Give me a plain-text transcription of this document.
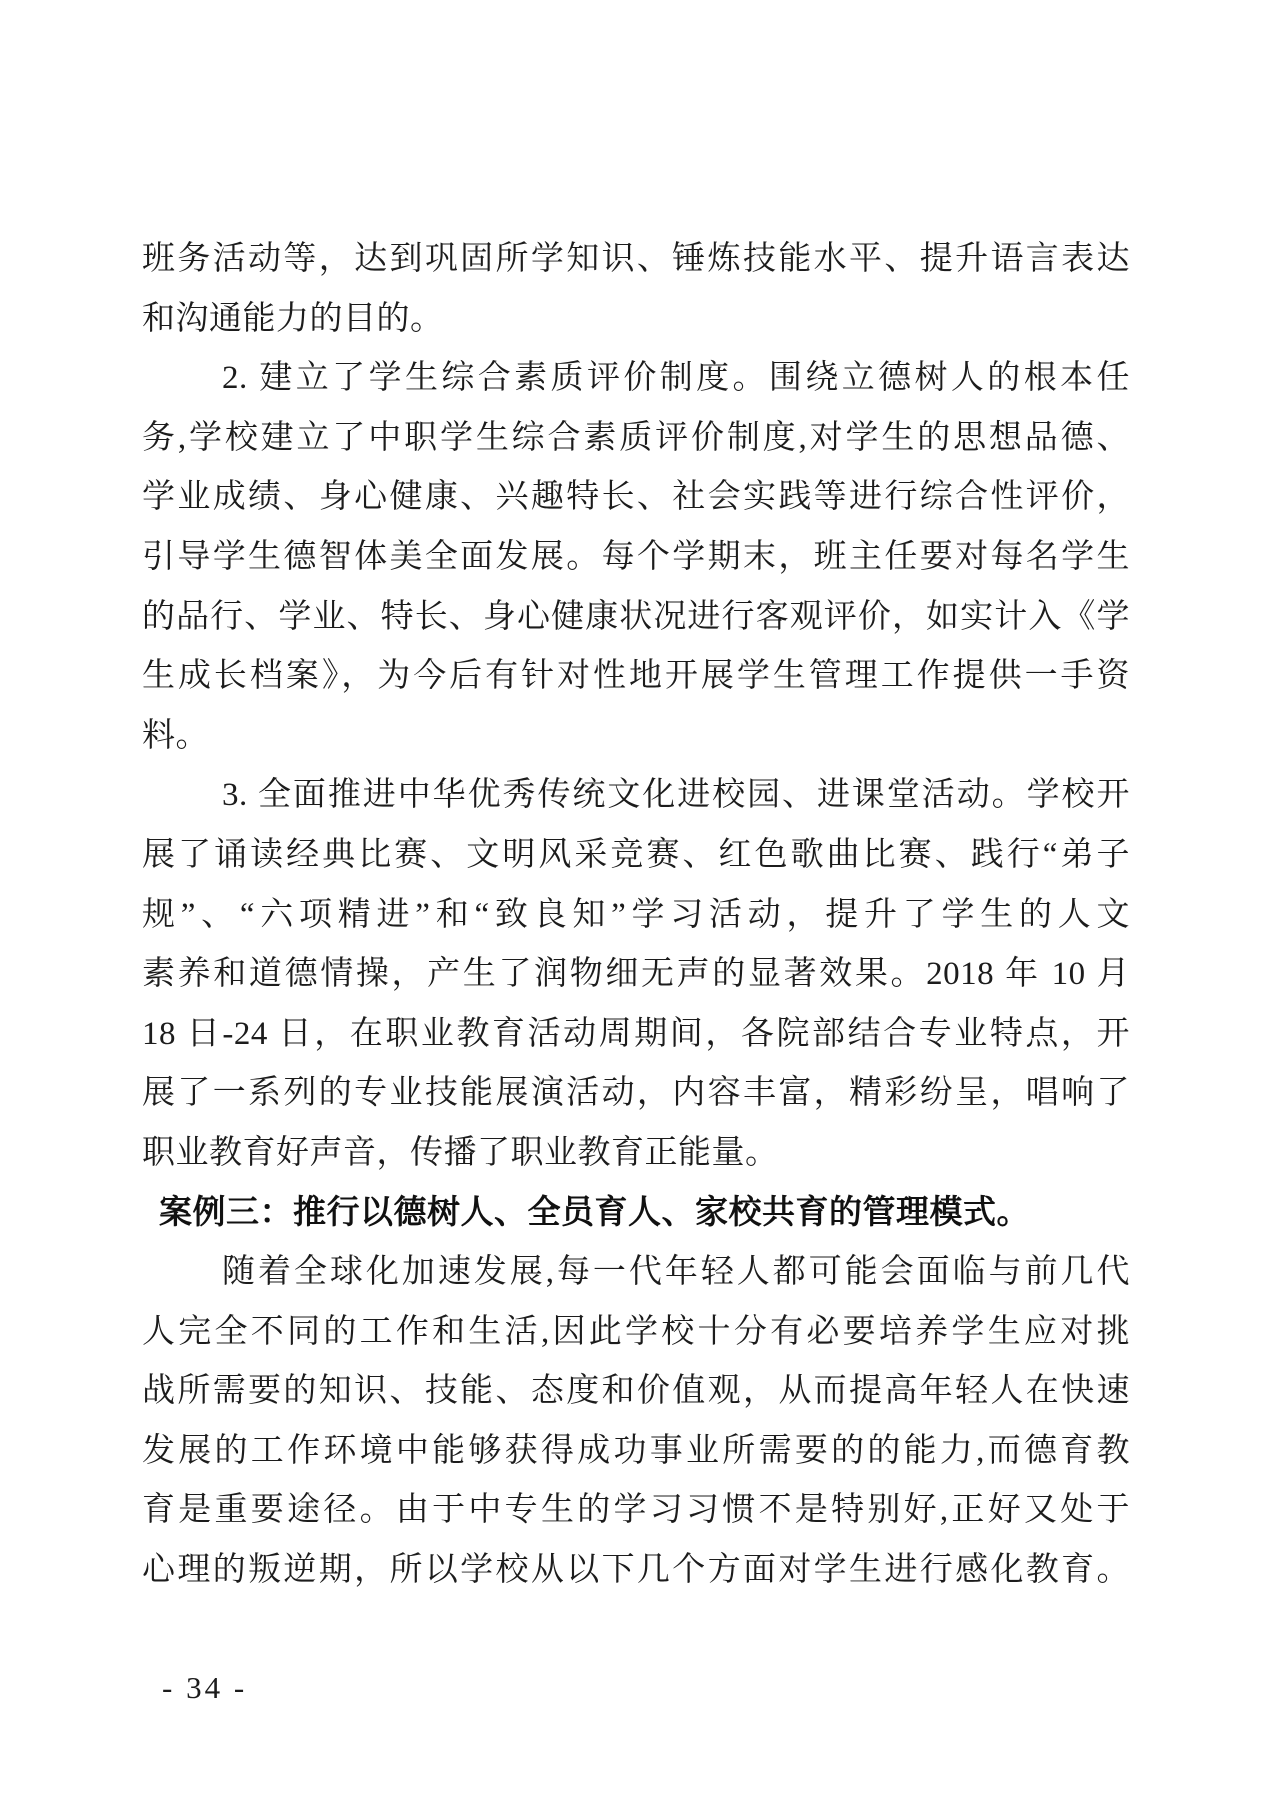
班务活动等，达到巩固所学知识、锤炼技能水平、提升语言表达
和沟通能力的目的。
2. 建立了学生综合素质评价制度。围绕立德树人的根本任
务,学校建立了中职学生综合素质评价制度,对学生的思想品德、
学业成绩、身心健康、兴趣特长、社会实践等进行综合性评价，
引导学生德智体美全面发展。每个学期末，班主任要对每名学生
的品行、学业、特长、身心健康状况进行客观评价，如实计入《学
生成长档案》，为今后有针对性地开展学生管理工作提供一手资
料。
3. 全面推进中华优秀传统文化进校园、进课堂活动。学校开
展了诵读经典比赛、文明风采竞赛、红色歌曲比赛、践行“弟子
规”、“六项精进”和“致良知”学习活动，提升了学生的人文
素养和道德情操，产生了润物细无声的显著效果。2018 年 10 月
18 日-24 日，在职业教育活动周期间，各院部结合专业特点，开
展了一系列的专业技能展演活动，内容丰富，精彩纷呈，唱响了
职业教育好声音，传播了职业教育正能量。
案例三：推行以德树人、全员育人、家校共育的管理模式。
随着全球化加速发展,每一代年轻人都可能会面临与前几代
人完全不同的工作和生活,因此学校十分有必要培养学生应对挑
战所需要的知识、技能、态度和价值观，从而提高年轻人在快速
发展的工作环境中能够获得成功事业所需要的的能力,而德育教
育是重要途径。由于中专生的学习习惯不是特别好,正好又处于
心理的叛逆期，所以学校从以下几个方面对学生进行感化教育。
- 34 -
